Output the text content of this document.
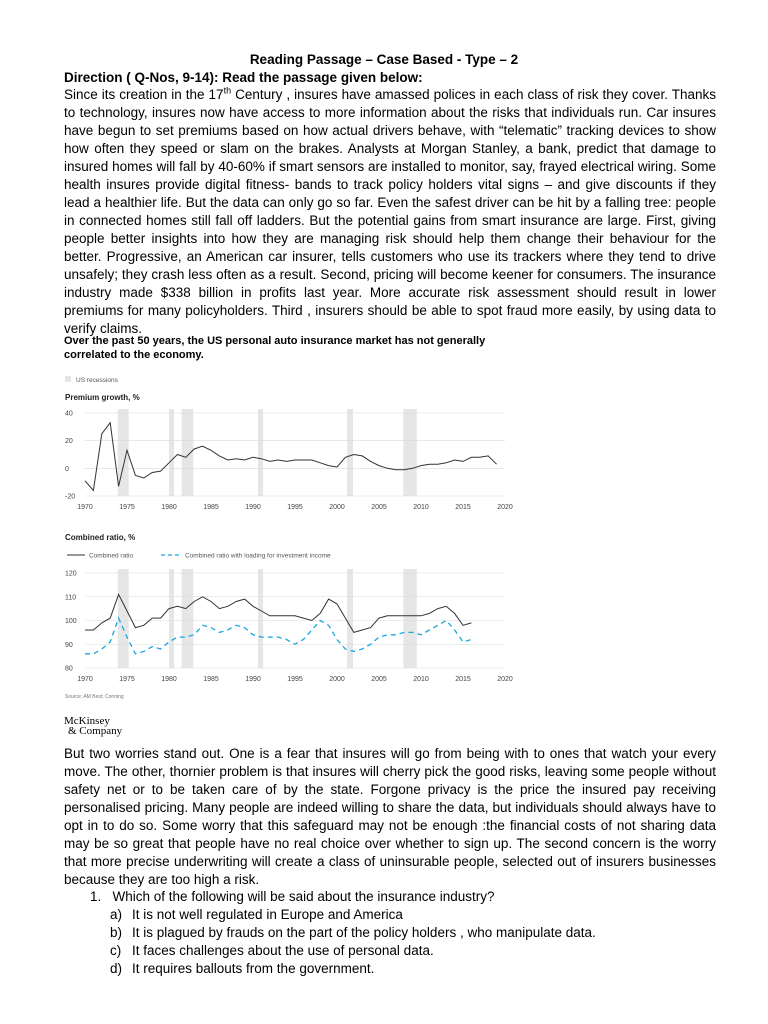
Reading Passage – Case Based - Type – 2
Direction ( Q-Nos, 9-14): Read the passage given below:

Since its creation in the 17th Century , insures have amassed polices in each class of risk they cover. Thanks to technology, insures now have access to more information about the risks that individuals run. Car insures have begun to set premiums based on how actual drivers behave, with “telematic” tracking devices to show how often they speed or slam on the brakes. Analysts at Morgan Stanley, a bank, predict that damage to insured homes will fall by 40-60% if smart sensors are installed to monitor, say, frayed electrical wiring. Some health insures provide digital fitness- bands to track policy holders vital signs – and give discounts if they lead a healthier life. But the data can only go so far. Even the safest driver can be hit by a falling tree: people in connected homes still fall off ladders. But the potential gains from smart insurance are large. First, giving people better insights into how they are managing risk should help them change their behaviour for the better. Progressive, an American car insurer, tells customers who use its trackers where they tend to drive unsafely; they crash less often as a result. Second, pricing will become keener for consumers. The insurance industry made $338 billion in profits last year. More accurate risk assessment should result in lower premiums for many policyholders. Third , insurers should be able to spot fraud more easily, by using data to verify claims.

Over the past 50 years, the US personal auto insurance market has not generally correlated to the economy.
US recessions
Premium growth, %
40
20
0
-20
1970	1975	1980	1985	1990	1995	2000	2005	2010	2015	2020
Combined ratio, %
Combined ratio	Combined ratio with loading for investment income
120
110
100
90
80
1970	1975	1980	1985	1990	1995	2000	2005	2010	2015	2020
Source: AM Best; Conning
McKinsey
& Company

But two worries stand out. One is a fear that insures will go from being with to ones that watch your every move. The other, thornier problem is that insures will cherry pick the good risks, leaving some people without safety net or to be taken care of by the state. Forgone privacy is the price the insured pay receiving personalised pricing. Many people are indeed willing to share the data, but individuals should always have to opt in to do so. Some worry that this safeguard may not be enough :the financial costs of not sharing data may be so great that people have no real choice over whether to sign up. The second concern is the worry that more precise underwriting will create a class of uninsurable people, selected out of insurers businesses because they are too high a risk.

1. Which of the following will be said about the insurance industry?
a) It is not well regulated in Europe and America
b) It is plagued by frauds on the part of the policy holders , who manipulate data.
c) It faces challenges about the use of personal data.
d) It requires ballouts from the government.
